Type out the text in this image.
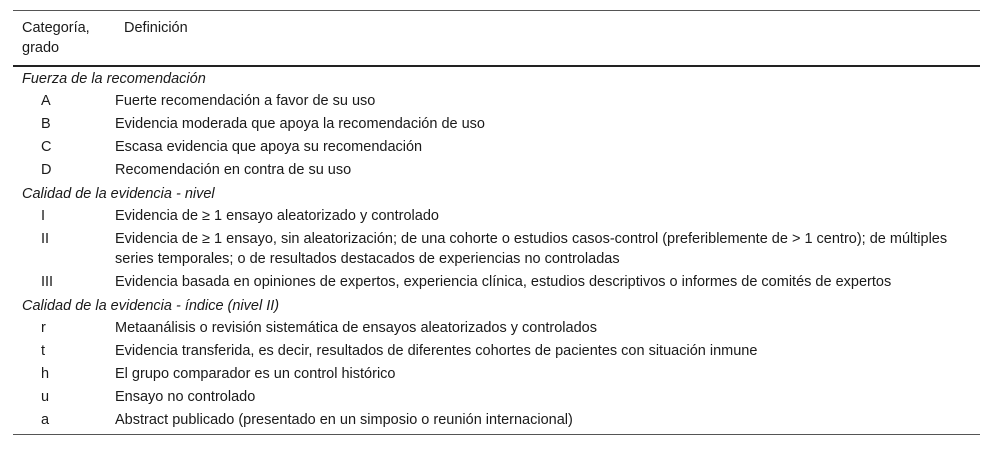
Categoría, grado	Definición

Fuerza de la recomendación	
A	Fuerte recomendación a favor de su uso
B	Evidencia moderada que apoya la recomendación de uso
C	Escasa evidencia que apoya su recomendación
D	Recomendación en contra de su uso
Calidad de la evidencia - nivel	
I	Evidencia de ≥ 1 ensayo aleatorizado y controlado
II	Evidencia de ≥ 1 ensayo, sin aleatorización; de una cohorte o estudios casos-control (preferiblemente de > 1 centro); de múltiples series temporales; o de resultados destacados de experiencias no controladas
III	Evidencia basada en opiniones de expertos, experiencia clínica, estudios descriptivos o informes de comités de expertos
Calidad de la evidencia - índice (nivel II)	
r	Metaanálisis o revisión sistemática de ensayos aleatorizados y controlados
t	Evidencia transferida, es decir, resultados de diferentes cohortes de pacientes con situación inmune
h	El grupo comparador es un control histórico
u	Ensayo no controlado
a	Abstract publicado (presentado en un simposio o reunión internacional)
